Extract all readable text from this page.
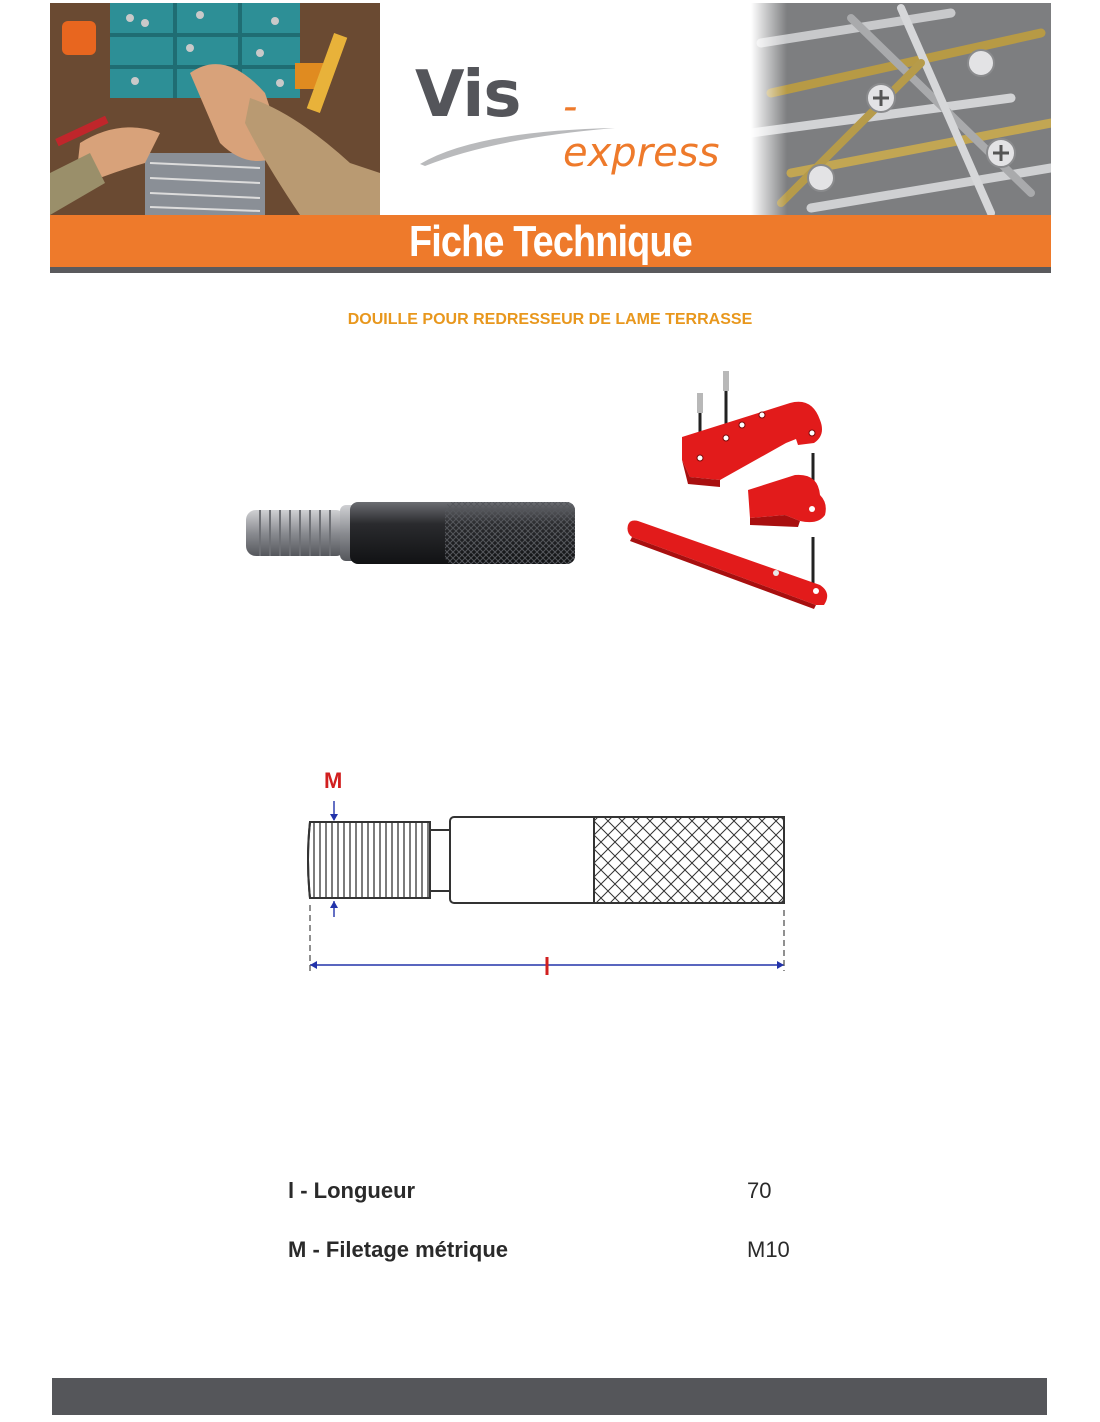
Vis -express
Fiche Technique
DOUILLE POUR REDRESSEUR DE LAME TERRASSE
M
l - Longueur	70
M - Filetage métrique	M10
